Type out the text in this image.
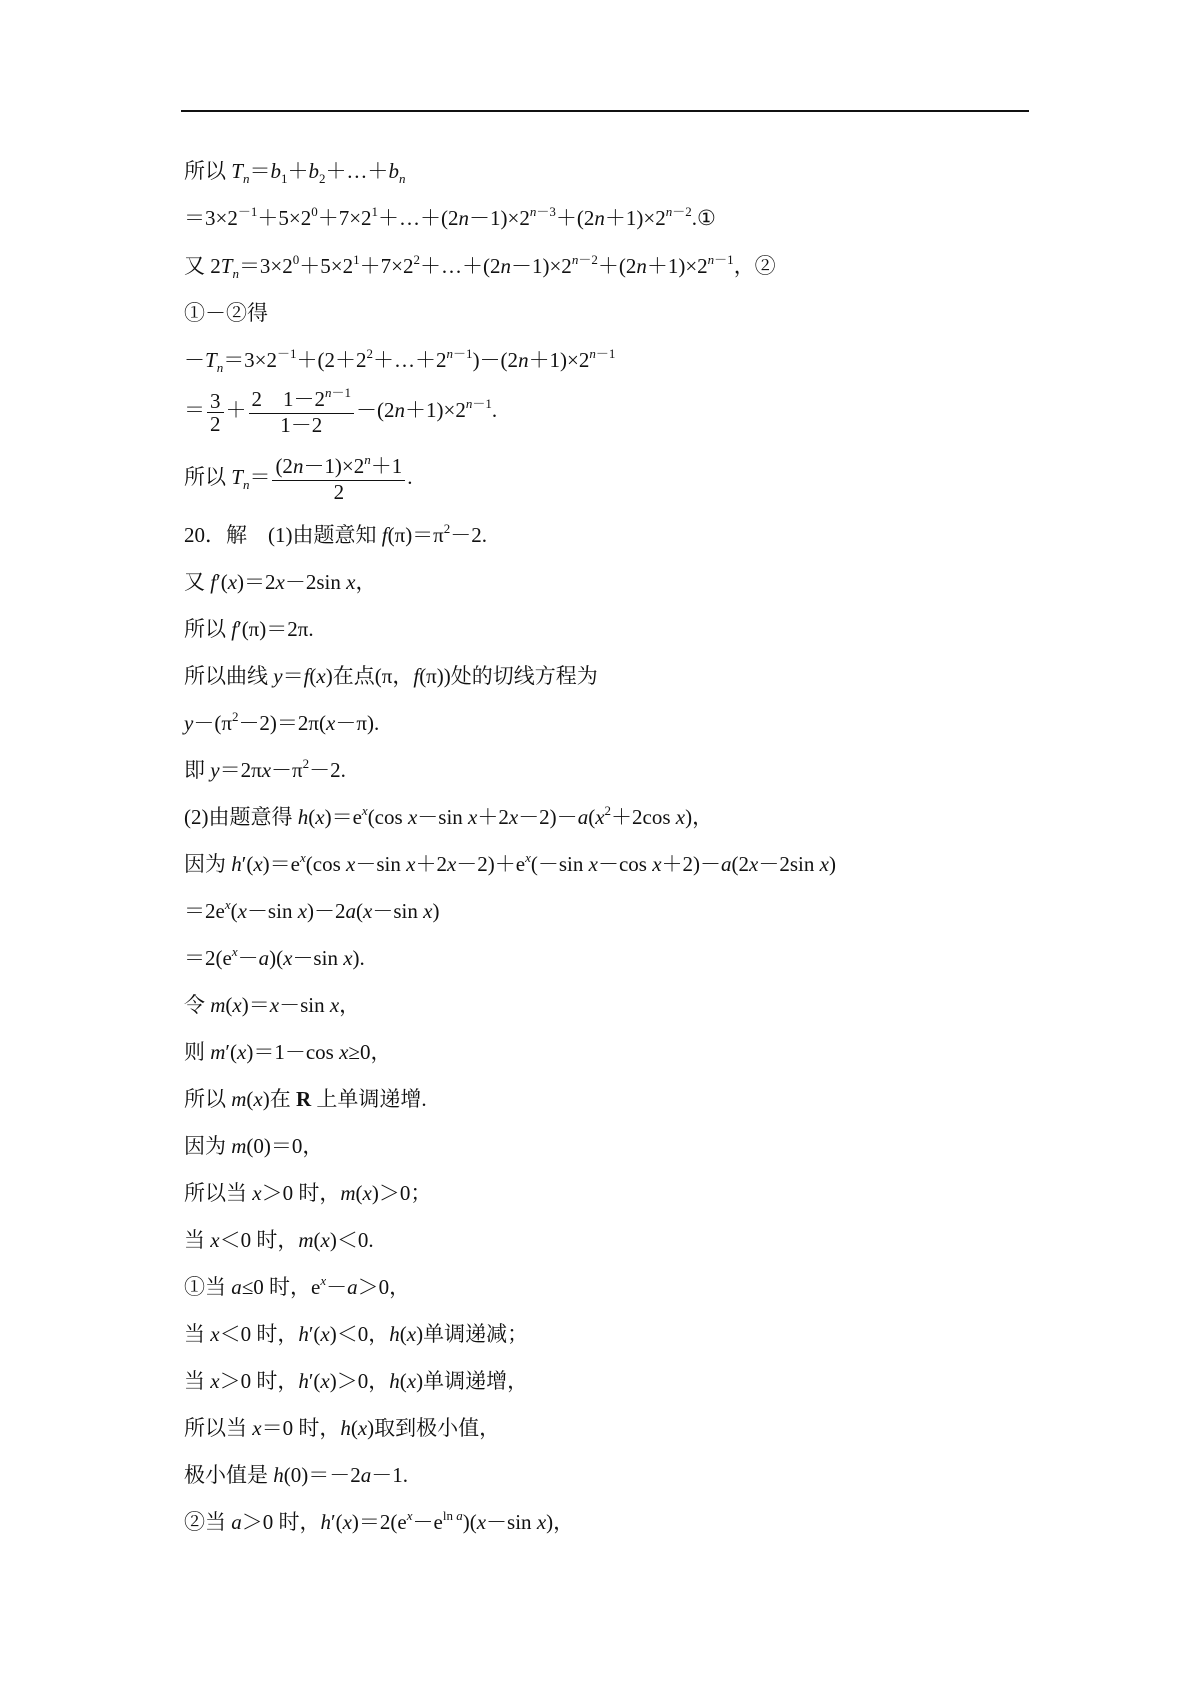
所以 $T_n=b_1+b_2+\dots+b_n$
$=3\times 2^{-1}+5\times 2^0+7\times 2^1+\dots+(2n-1)\times 2^{n-3}+(2n+1)\times 2^{n-2}.①$
又 $2T_n=3\times 2^0+5\times 2^1+7\times 2^2+\dots+(2n-1)\times 2^{n-2}+(2n+1)\times 2^{n-1}$，②
①－②得
$-T_n=3\times 2^{-1}+(2+2^2+\dots+2^{n-1})-(2n+1)\times 2^{n-1}$
＝ $\frac{3}{2} + \frac{2 1-2^{n-1}}{1-2} -(2n+1)\times 2^{n-1}$.
所以 $T_n= \frac{(2n-1)\times 2^n+1}{2}$ .
20．解　(1)由题意知 $f(\pi)=\pi^2-2$.
又 f′(x)＝2x－2sin x，
所以 f′(π)＝2π.
所以曲线 y＝f(x)在点(π，f(π))处的切线方程为
$y-(\pi^2-2)=2\pi(x-\pi)$.
即 $y=2\pi x-\pi^2-2$.
(2)由题意得 $h(x)=e^x(\cos$ x－sin $x+2x-2)-a(x^2+2\cos$ x)，
因为 $h'(x)=e^x(\cos$ x－sin $x+2x-2)+e^x(-\sin$ x－cos x＋2)－a(2x－2sin x)
$=2e^x(x-\sin$ x)－2a(x－sin x)
$=2(e^x-a)(x-\sin$ x).
令 m(x)＝x－sin x，
则 m′(x)＝1－cos x≥0，
所以 m(x)在 R 上单调递增.
因为 m(0)＝0，
所以当 x＞0 时，m(x)＞0；
当 x＜0 时，m(x)＜0.
①当 a≤0 时，$e^x-a>0$，
当 x＜0 时，h′(x)＜0，h(x)单调递减；
当 x＞0 时，h′(x)＞0，h(x)单调递增，
所以当 x＝0 时，h(x)取到极小值，
极小值是 h(0)＝－2a－1.
②当 a＞0 时，$h'(x)=2(e^x-e^{ln a})(x-\sin$ x)，
